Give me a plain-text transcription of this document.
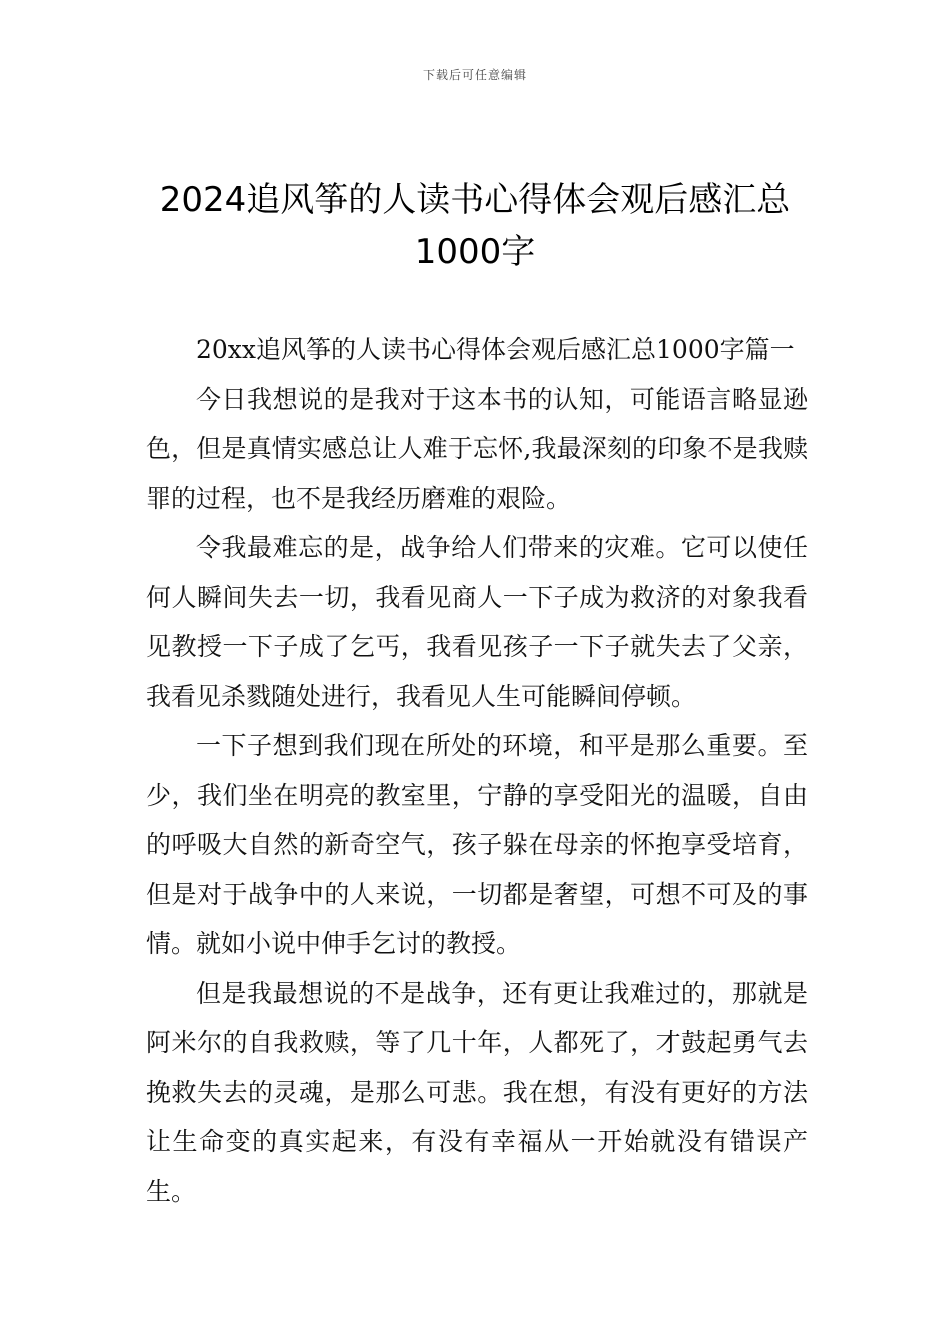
下载后可任意编辑
2024追风筝的人读书心得体会观后感汇总
1000字

20xx追风筝的人读书心得体会观后感汇总1000字篇一

今日我想说的是我对于这本书的认知，可能语言略显逊色，但是真情实感总让人难于忘怀,我最深刻的印象不是我赎罪的过程，也不是我经历磨难的艰险。

令我最难忘的是，战争给人们带来的灾难。它可以使任何人瞬间失去一切，我看见商人一下子成为救济的对象我看见教授一下子成了乞丐，我看见孩子一下子就失去了父亲，我看见杀戮随处进行，我看见人生可能瞬间停顿。

一下子想到我们现在所处的环境，和平是那么重要。至少，我们坐在明亮的教室里，宁静的享受阳光的温暖，自由的呼吸大自然的新奇空气，孩子躲在母亲的怀抱享受培育，但是对于战争中的人来说，一切都是奢望，可想不可及的事情。就如小说中伸手乞讨的教授。

但是我最想说的不是战争，还有更让我难过的，那就是阿米尔的自我救赎，等了几十年，人都死了，才鼓起勇气去挽救失去的灵魂，是那么可悲。我在想，有没有更好的方法让生命变的真实起来，有没有幸福从一开始就没有错误产生。
